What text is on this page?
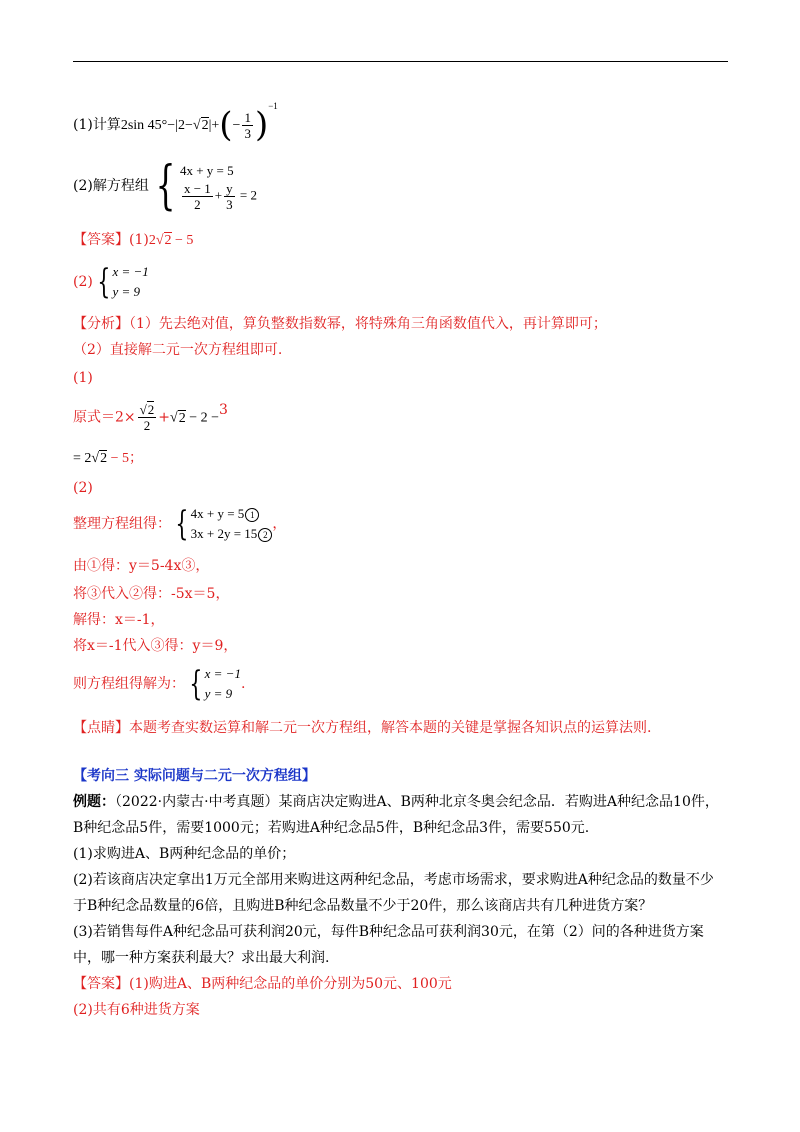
(1)计算2sin $45^\circ-|2-√2|+(- \frac{1}{3} )^{-1}$
(2)解方程组 { 4x + y = 5
$\frac{x - 1}{2} + \frac{y}{3} = 2$
【答案】(1)2√2 − 5
(2) { x = −1
y = 9
【分析】（1）先去绝对值，算负整数指数幂，将特殊角三角函数值代入，再计算即可；
（2）直接解二元一次方程组即可.
(1)
原式$=2\times \frac{√2}{2} +√2 - 2 -3$
= 2√2 − 5；
(2)
整理方程组得： { 4x + y = 5 1
3x + 2y = 15 2
，
由①得：y＝5-4x③，
将③代入②得：-5x＝5，
解得：x＝-1，
将x＝-1代入③得：y＝9，
则方程组得解为： { x = −1
y = 9
.
【点睛】本题考查实数运算和解二元一次方程组，解答本题的关键是掌握各知识点的运算法则.
【考向三 实际问题与二元一次方程组】
例题：（2022·内蒙古·中考真题）某商店决定购进A、B两种北京冬奥会纪念品．若购进A种纪念品10件，
B种纪念品5件，需要1000元；若购进A种纪念品5件，B种纪念品3件，需要550元.
(1)求购进A、B两种纪念品的单价；
(2)若该商店决定拿出1万元全部用来购进这两种纪念品，考虑市场需求，要求购进A种纪念品的数量不少
于B种纪念品数量的6倍，且购进B种纪念品数量不少于20件，那么该商店共有几种进货方案？
(3)若销售每件A种纪念品可获利润20元，每件B种纪念品可获利润30元，在第（2）问的各种进货方案
中，哪一种方案获利最大？求出最大利润.
【答案】(1)购进A、B两种纪念品的单价分别为50元、100元
(2)共有6种进货方案
